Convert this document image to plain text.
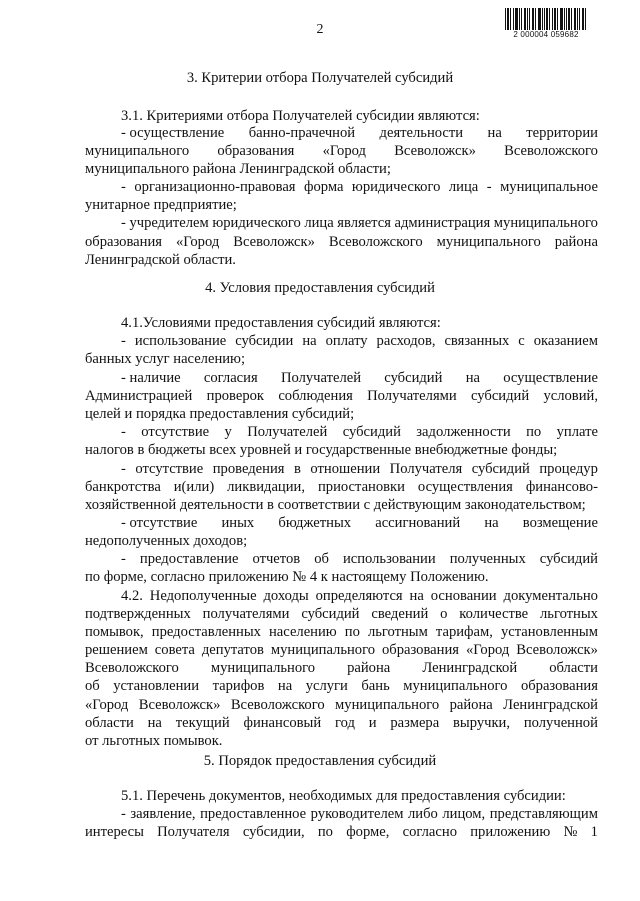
2	2 000004 059682
3. Критерии отбора Получателей субсидий
3.1. Критериями отбора Получателей субсидии являются:
- осуществление банно-прачечной деятельности на территории
муниципального образования «Город Всеволожск» Всеволожского
муниципального района Ленинградской области;
- организационно-правовая форма юридического лица - муниципальное
унитарное предприятие;
- учредителем юридического лица является администрация муниципального
образования «Город Всеволожск» Всеволожского муниципального района
Ленинградской области.
4. Условия предоставления субсидий
4.1.Условиями предоставления субсидий являются:
- использование субсидии на оплату расходов, связанных с оказанием
банных услуг населению;
- наличие согласия Получателей субсидий на осуществление
Администрацией проверок соблюдения Получателями субсидий условий,
целей и порядка предоставления субсидий;
- отсутствие у Получателей субсидий задолженности по уплате
налогов в бюджеты всех уровней и государственные внебюджетные фонды;
- отсутствие проведения в отношении Получателя субсидий процедур
банкротства и(или) ликвидации, приостановки осуществления финансово-
хозяйственной деятельности в соответствии с действующим законодательством;
- отсутствие иных бюджетных ассигнований на возмещение
недополученных доходов;
- предоставление отчетов об использовании полученных субсидий
по форме, согласно приложению № 4 к настоящему Положению.
4.2. Недополученные доходы определяются на основании документально
подтвержденных получателями субсидий сведений о количестве льготных
помывок, предоставленных населению по льготным тарифам, установленным
решением совета депутатов муниципального образования «Город Всеволожск»
Всеволожского муниципального района Ленинградской области
об установлении тарифов на услуги бань муниципального образования
«Город Всеволожск» Всеволожского муниципального района Ленинградской
области на текущий финансовый год и размера выручки, полученной
от льготных помывок.
5. Порядок предоставления субсидий
5.1. Перечень документов, необходимых для предоставления субсидии:
- заявление, предоставленное руководителем либо лицом, представляющим
интересы Получателя субсидии, по форме, согласно приложению № 1
